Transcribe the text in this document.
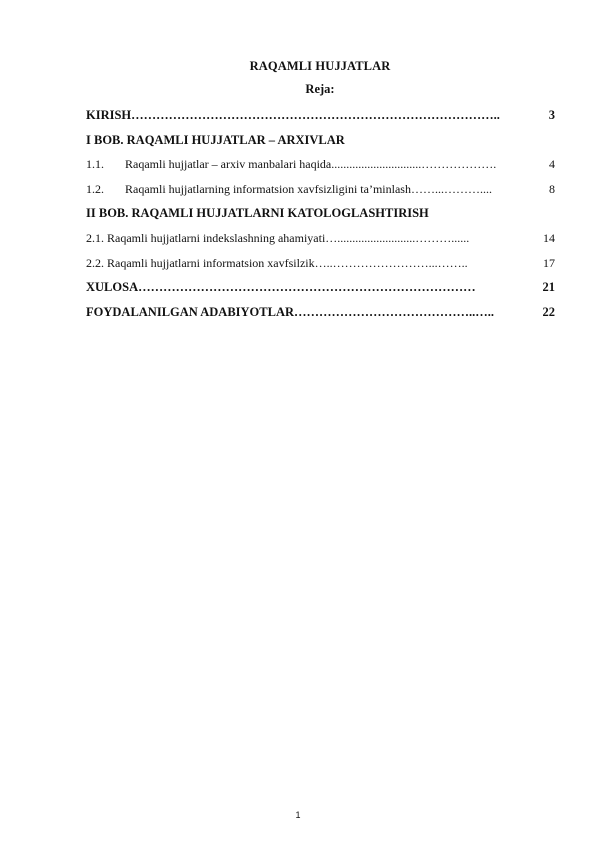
RAQAMLI HUJJATLAR
Reja:
KIRISH……………………………………………………………………………..	3
I BOB. RAQAMLI HUJJATLAR – ARXIVLAR
1.1. Raqamli hujjatlar – arxiv manbalari haqida..............................……………….	4
1.2. Raqamli hujjatlarning informatsion xavfsizligini ta’minlash……...………....	8
II BOB. RAQAMLI HUJJATLARNI KATOLOGLASHTIRISH
2.1. Raqamli hujjatlarni indekslashning ahamiyati…..........................………......	14
2.2. Raqamli hujjatlarni informatsion xavfsilzik…..……………………...……..	17
XULOSA………………………………………………………………………	21
FOYDALANILGAN ADABIYOTLAR……………………………………..…..	22
1
